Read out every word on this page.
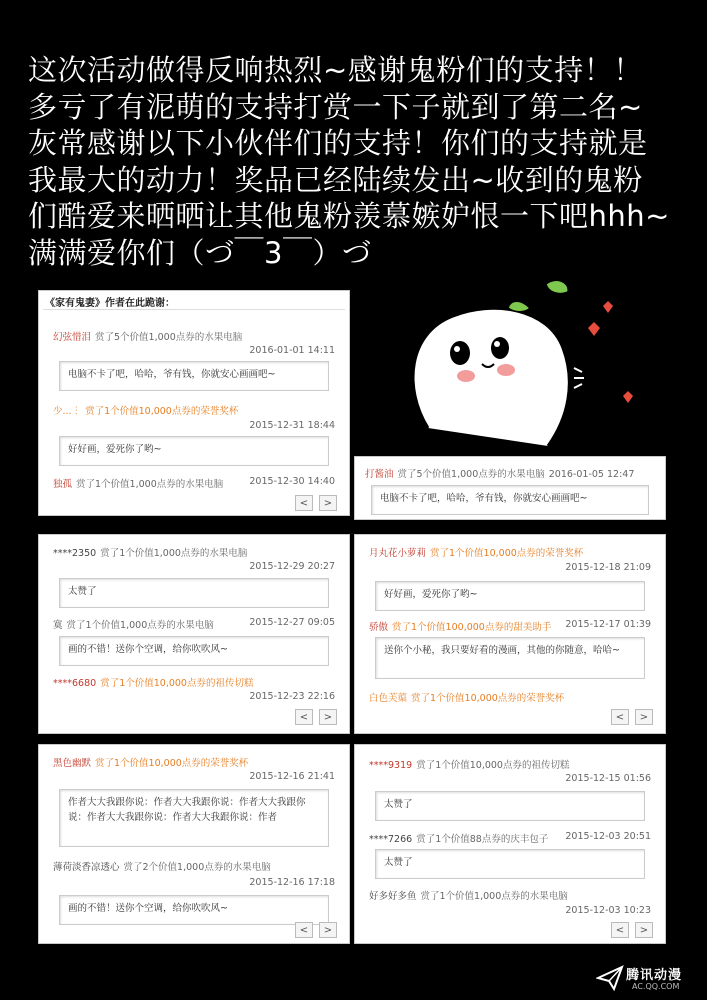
这次活动做得反响热烈~感谢鬼粉们的支持！！
多亏了有泥萌的支持打赏一下子就到了第二名~
灰常感谢以下小伙伴们的支持！你们的支持就是
我最大的动力！奖品已经陆续发出~收到的鬼粉
们酷爱来晒晒让其他鬼粉羡慕嫉妒恨一下吧hhh~
满满爱你们（づ￣3￣）づ
《家有鬼妻》作者在此跪谢：
幻弦惜泪 赏了5个价值1,000点券的水果电脑
2016-01-01 14:11
电脑不卡了吧，哈哈，爷有钱，你就安心画画吧~
少...︙ 赏了1个价值10,000点券的荣誉奖杯
2015-12-31 18:44
好好画，爱死你了哟~
独孤 赏了1个价值1,000点券的水果电脑	2015-12-30 14:40
<	>
打酱油 赏了5个价值1,000点券的水果电脑 2016-01-05 12:47
电脑不卡了吧，哈哈，爷有钱，你就安心画画吧~
****2350 赏了1个价值1,000点券的水果电脑
2015-12-29 20:27
太赞了
寞 赏了1个价值1,000点券的水果电脑	2015-12-27 09:05
画的不错！送你个空调，给你吹吹风~
****6680 赏了1个价值10,000点券的祖传切糕
2015-12-23 22:16
<	>
月丸花小萝莉 赏了1个价值10,000点券的荣誉奖杯
2015-12-18 21:09
好好画，爱死你了哟~
骄傲 赏了1个价值100,000点券的甜美助手 2015-12-17 01:39
送你个小秘，我只要好看的漫画，其他的你随意，哈哈~
白色芙蕖 赏了1个价值10,000点券的荣誉奖杯
<	>
黑色幽默 赏了1个价值10,000点券的荣誉奖杯
2015-12-16 21:41
作者大大我跟你说：作者大大我跟你说：作者大大我跟你说：作者大大我跟你说：作者大大我跟你说：作者
薄荷淡香凉透心 赏了2个价值1,000点券的水果电脑
2015-12-16 17:18
画的不错！送你个空调，给你吹吹风~
<	>
****9319 赏了1个价值10,000点券的祖传切糕
2015-12-15 01:56
太赞了
****7266 赏了1个价值88点券的庆丰包子 2015-12-03 20:51
太赞了
好多好多鱼 赏了1个价值1,000点券的水果电脑
2015-12-03 10:23
<	>
腾讯动漫
AC.QQ.COM
